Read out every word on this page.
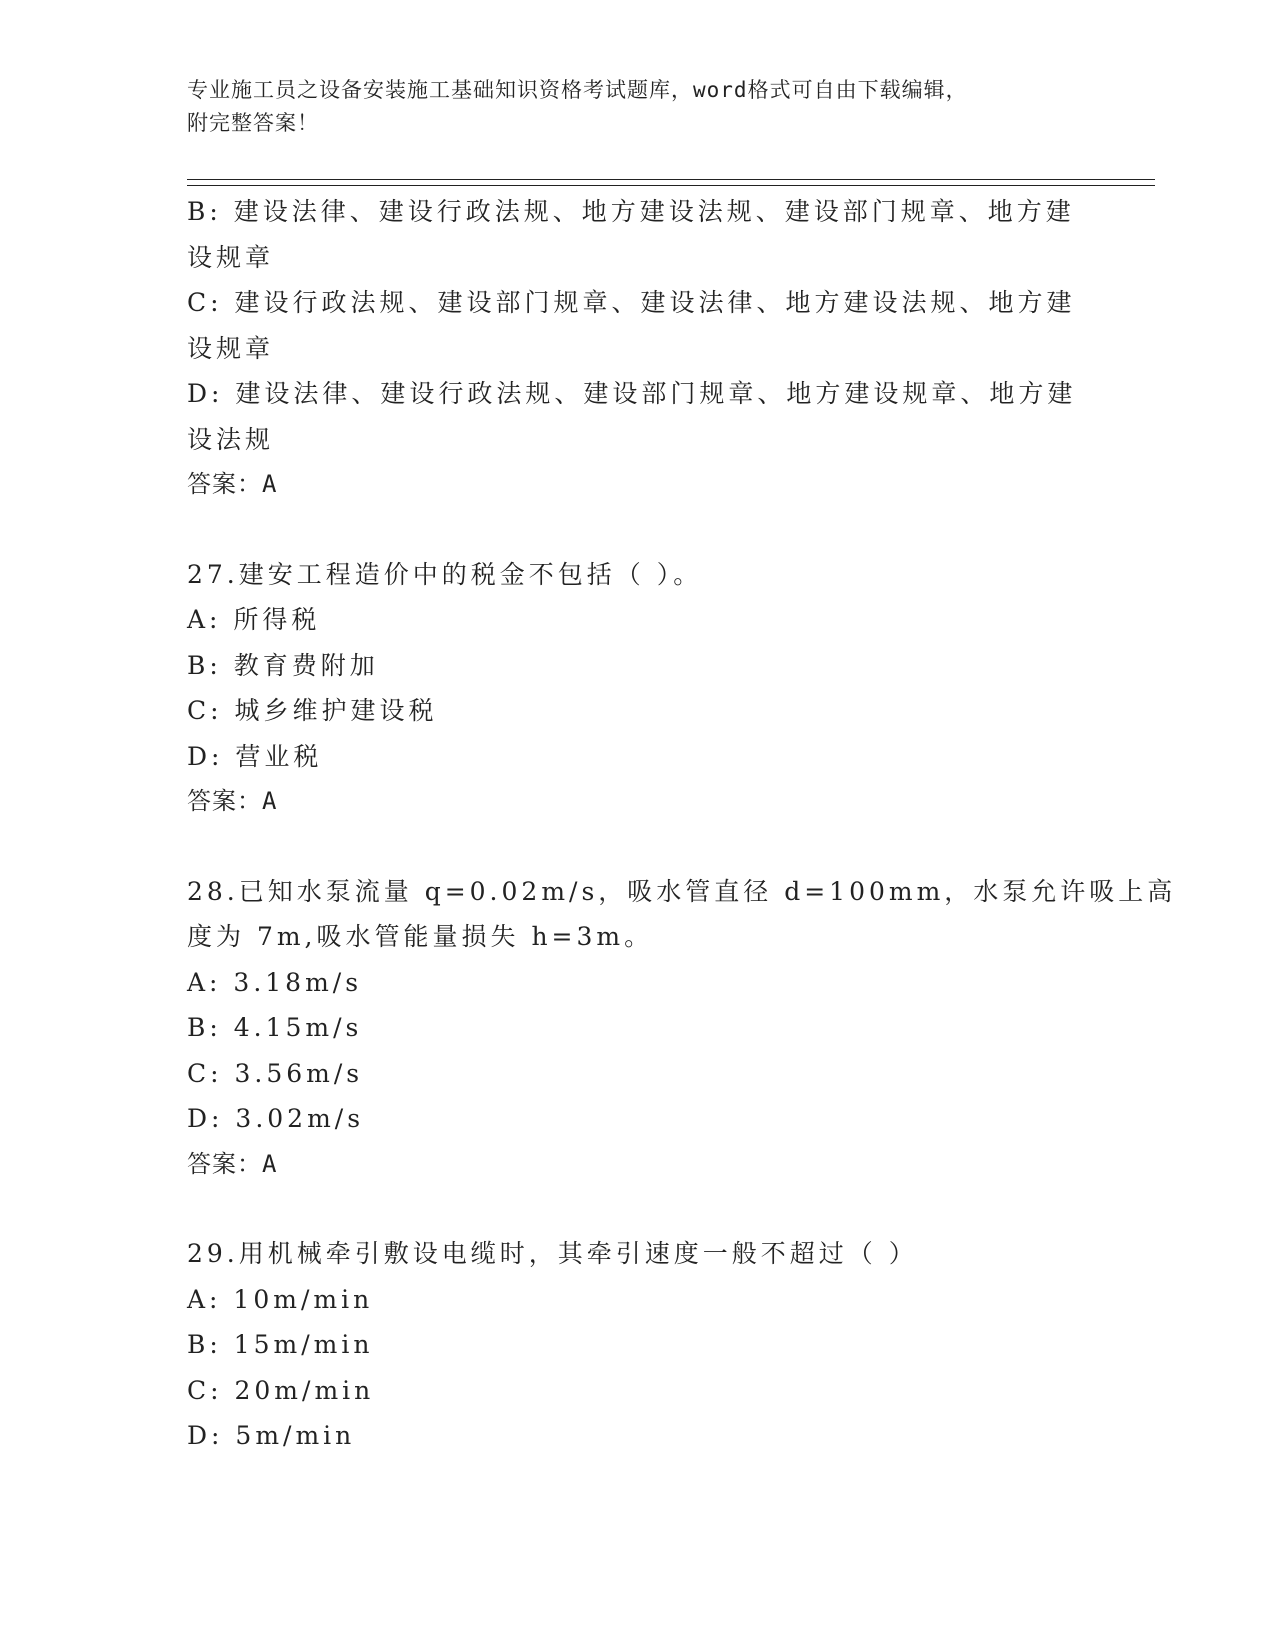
专业施工员之设备安装施工基础知识资格考试题库，word格式可自由下载编辑，
附完整答案！
B: 建设法律、建设行政法规、地方建设法规、建设部门规章、地方建
设规章
C: 建设行政法规、建设部门规章、建设法律、地方建设法规、地方建
设规章
D: 建设法律、建设行政法规、建设部门规章、地方建设规章、地方建
设法规
答案：A
27.建安工程造价中的税金不包括（ ）。
A: 所得税
B: 教育费附加
C: 城乡维护建设税
D: 营业税
答案：A
28.已知水泵流量 q=0.02m/s，吸水管直径 d=100mm，水泵允许吸上高
度为 7m,吸水管能量损失 h=3m。
A: 3.18m/s
B: 4.15m/s
C: 3.56m/s
D: 3.02m/s
答案：A
29.用机械牵引敷设电缆时，其牵引速度一般不超过（ ）
A: 10m/min
B: 15m/min
C: 20m/min
D: 5m/min
